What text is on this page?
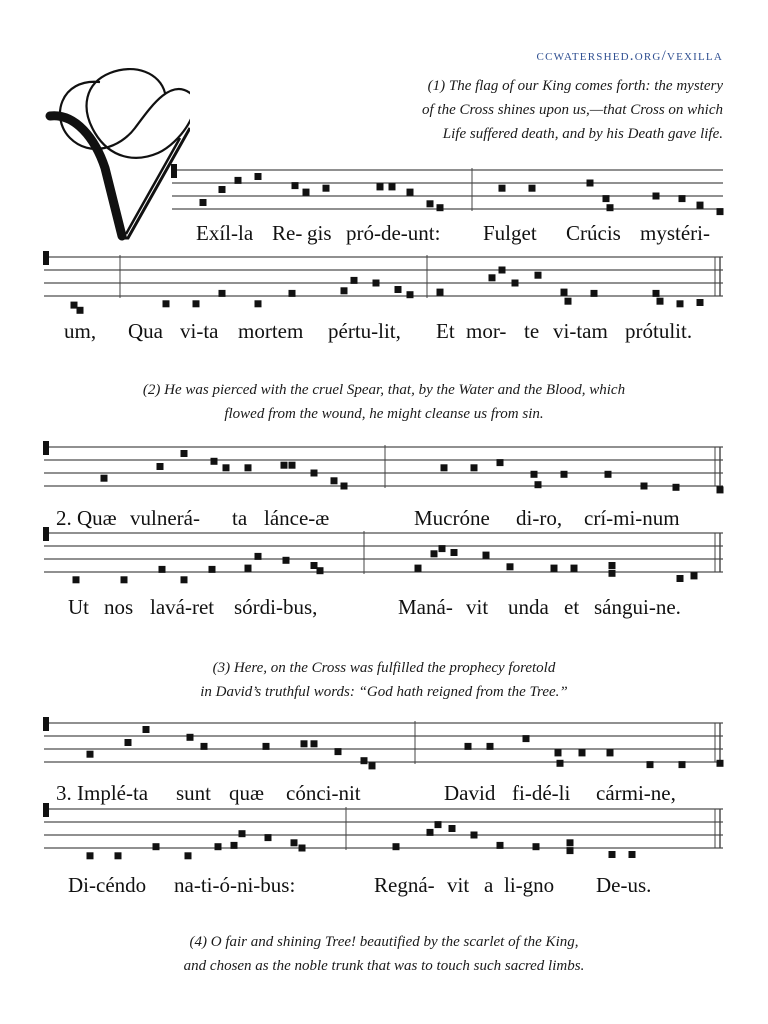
ccwatershed.org/vexilla
(1) The flag of our King comes forth: the mystery
of the Cross shines upon us,—that Cross on which
Life suffered death, and by his Death gave life.
Exíl-la Re- gis pró-de-unt: Fulget Crúcis mystéri-
um, Qua vi-ta mortem pértu-lit, Et mor- te vi-tam prótulit.
2. Quæ vulnerá- ta lánce-æ	Mucróne di-ro, crí-mi-num
Ut nos lavá-ret sórdi-bus,	Maná- vit unda et sángui-ne.
3. Implé-ta sunt quæ cónci-nit	David fi-dé-li cármi-ne,
Di-céndo na-ti-ó-ni-bus:	Regná- vit a li-gno De-us.
(2) He was pierced with the cruel Spear, that, by the Water and the Blood, which
flowed from the wound, he might cleanse us from sin.
(3) Here, on the Cross was fulfilled the prophecy foretold
in David’s truthful words: “God hath reigned from the Tree.”
(4) O fair and shining Tree! beautified by the scarlet of the King,
and chosen as the noble trunk that was to touch such sacred limbs.
